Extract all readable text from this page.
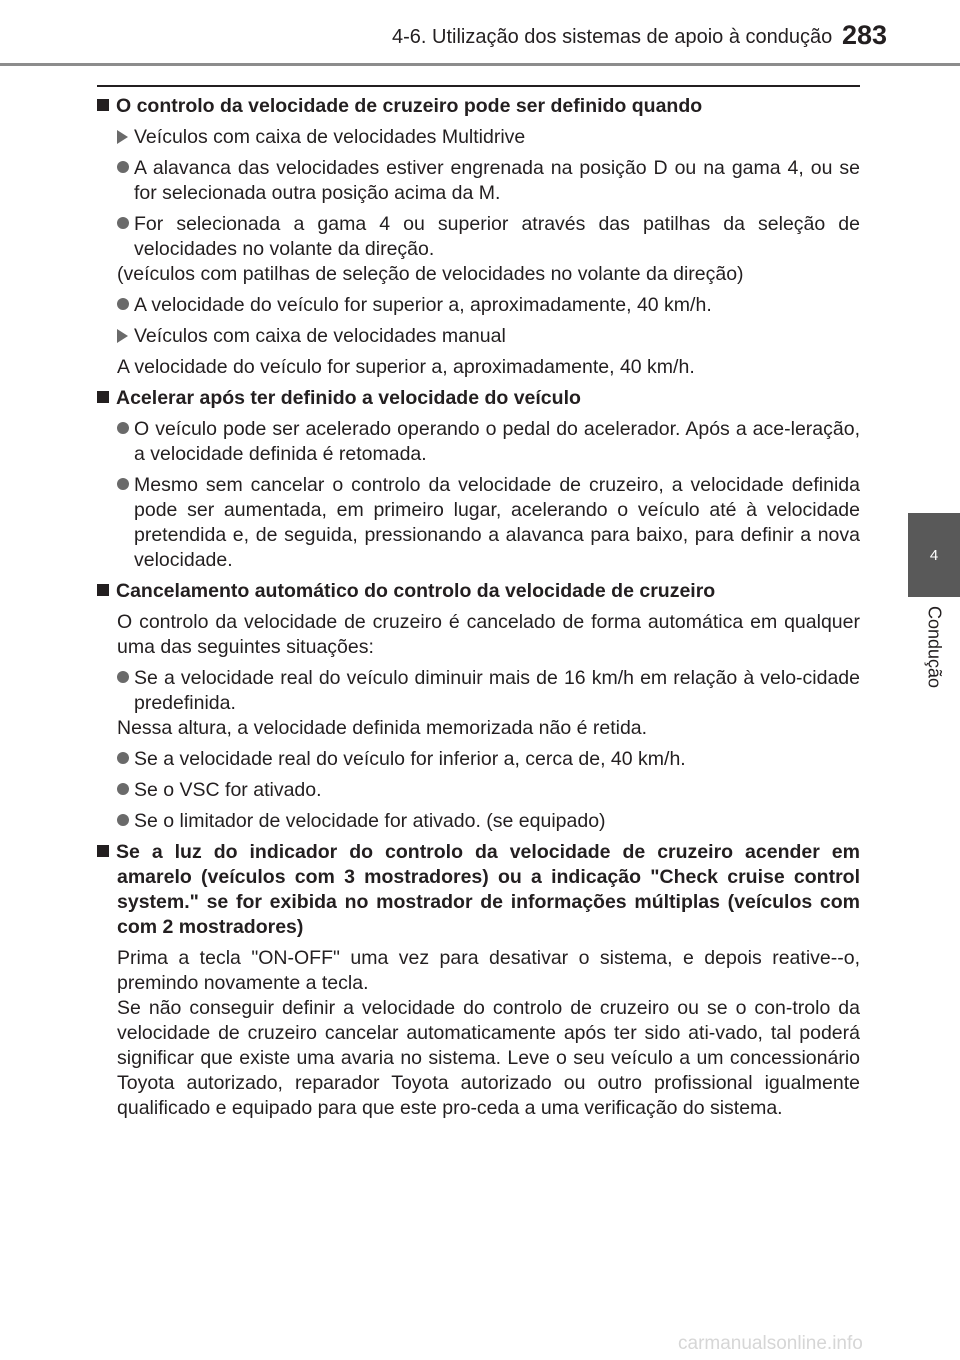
4-6. Utilização dos sistemas de apoio à condução 283
4
Condução

O controlo da velocidade de cruzeiro pode ser definido quando

Veículos com caixa de velocidades Multidrive

A alavanca das velocidades estiver engrenada na posição D ou na gama 4, ou se for selecionada outra posição acima da M.

For selecionada a gama 4 ou superior através das patilhas da seleção de velocidades no volante da direção.
(veículos com patilhas de seleção de velocidades no volante da direção)

A velocidade do veículo for superior a, aproximadamente, 40 km/h.

Veículos com caixa de velocidades manual

A velocidade do veículo for superior a, aproximadamente, 40 km/h.

Acelerar após ter definido a velocidade do veículo

O veículo pode ser acelerado operando o pedal do acelerador. Após a ace-leração, a velocidade definida é retomada.

Mesmo sem cancelar o controlo da velocidade de cruzeiro, a velocidade definida pode ser aumentada, em primeiro lugar, acelerando o veículo até à velocidade pretendida e, de seguida, pressionando a alavanca para baixo, para definir a nova velocidade.

Cancelamento automático do controlo da velocidade de cruzeiro

O controlo da velocidade de cruzeiro é cancelado de forma automática em qualquer uma das seguintes situações:

Se a velocidade real do veículo diminuir mais de 16 km/h em relação à velo-cidade predefinida.
Nessa altura, a velocidade definida memorizada não é retida.

Se a velocidade real do veículo for inferior a, cerca de, 40 km/h.

Se o VSC for ativado.

Se o limitador de velocidade for ativado. (se equipado)

Se a luz do indicador do controlo da velocidade de cruzeiro acender em amarelo (veículos com 3 mostradores) ou a indicação "Check cruise control system." se for exibida no mostrador de informações múltiplas (veículos com com 2 mostradores)

Prima a tecla "ON-OFF" uma vez para desativar o sistema, e depois reative--o, premindo novamente a tecla.
Se não conseguir definir a velocidade do controlo de cruzeiro ou se o con-trolo da velocidade de cruzeiro cancelar automaticamente após ter sido ati-vado, tal poderá significar que existe uma avaria no sistema. Leve o seu veículo a um concessionário Toyota autorizado, reparador Toyota autorizado ou outro profissional igualmente qualificado e equipado para que este pro-ceda a uma verificação do sistema.

carmanualsonline.info
